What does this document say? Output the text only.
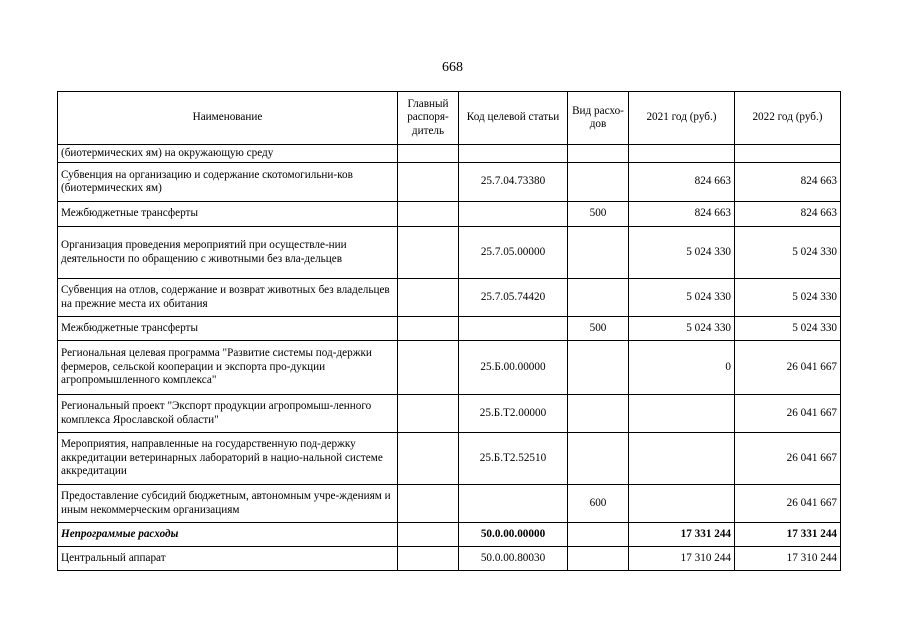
668
Наименование	Главный распоря-дитель	Код целевой статьи	Вид расхо-дов	2021 год (руб.)	2022 год (руб.)
(биотермических ям) на окружающую среду					
Субвенция на организацию и содержание скотомогильни-ков (биотермических ям)		25.7.04.73380		824 663	824 663
Межбюджетные трансферты			500	824 663	824 663
Организация проведения мероприятий при осуществле-нии деятельности по обращению с животными без вла-дельцев		25.7.05.00000		5 024 330	5 024 330
Субвенция на отлов, содержание и возврат животных без владельцев на прежние места их обитания		25.7.05.74420		5 024 330	5 024 330
Межбюджетные трансферты			500	5 024 330	5 024 330
Региональная целевая программа "Развитие системы под-держки фермеров, сельской кооперации и экспорта про-дукции агропромышленного комплекса"		25.Б.00.00000		0	26 041 667
Региональный проект "Экспорт продукции агропромыш-ленного комплекса Ярославской области"		25.Б.Т2.00000			26 041 667
Мероприятия, направленные на государственную под-держку аккредитации ветеринарных лабораторий в нацио-нальной системе аккредитации		25.Б.Т2.52510			26 041 667
Предоставление субсидий бюджетным, автономным учре-ждениям и иным некоммерческим организациям			600		26 041 667
Непрограммые расходы		50.0.00.00000		17 331 244	17 331 244
Центральный аппарат		50.0.00.80030		17 310 244	17 310 244
